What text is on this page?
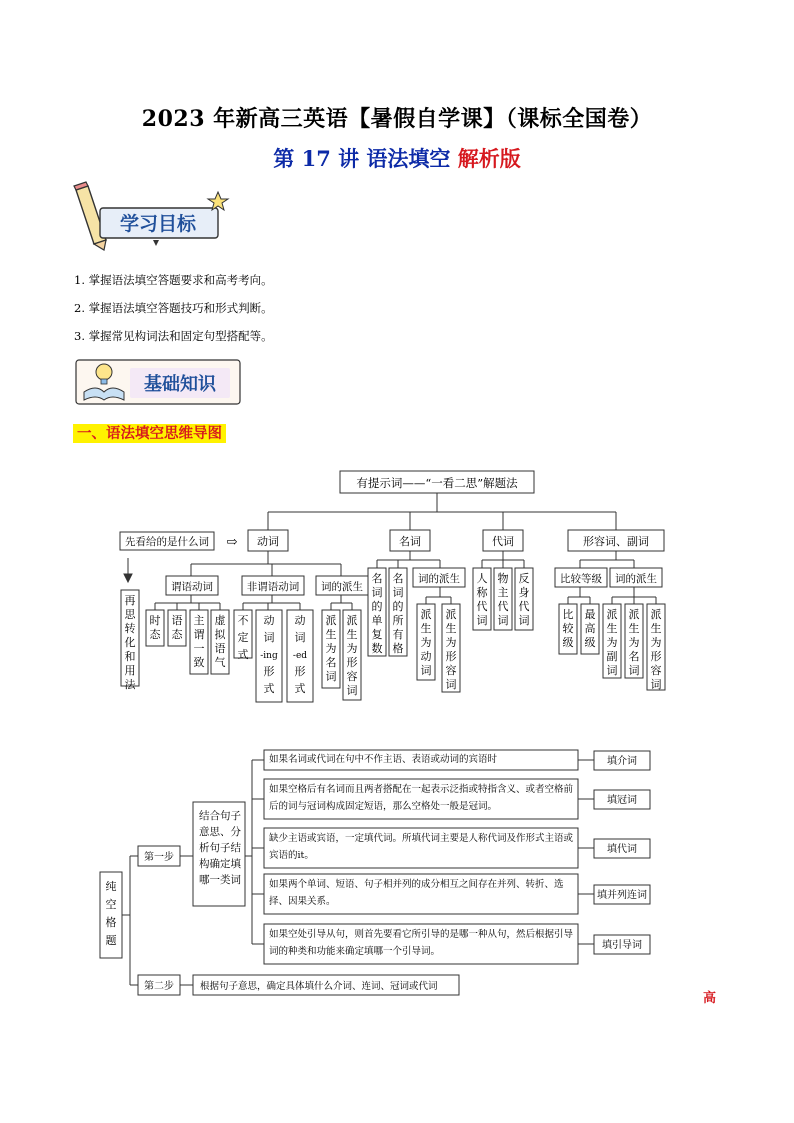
2023 年新高三英语【暑假自学课】（课标全国卷）
第 17 讲 语法填空 解析版
学习目标
1. 掌握语法填空答题要求和高考考向。
2. 掌握语法填空答题技巧和形式判断。
3. 掌握常见构词法和固定句型搭配等。
基础知识
一、语法填空思维导图
有提示词——“一看二思”解题法
先看给的是什么词 ⇨ 动词	名词	代词	形容词、副词
谓语动词	非谓语动词 词的派生
词的派生	比较等级 词的派生
再
思
转
化
和
用
法
时
态
语
态
主
谓
一
致
虚
拟
语
气
不
定
式
动
词
-ing
形
式
动
词
-ed
形
式
派
生
为
名
词
派
生
为
形
容
词
名
词
的
单
复
数
名
词
的
所
有
格
派
生
为
动
词
派
生
为
形
容
词
人
称
代
词
物
主
代
词
反
身
代
词	比
较
级
最
高
级
派
生
为
副
词
派
生
为
名
词
派
生
为
形
容
词
纯
空
格
题
第一步
第二步	根据句子意思，确定具体填什么介词、连词、冠词或代词
填介词
填冠词
填代词
填并列连词
填引导词
如果名词或代词在句中不作主语、表语或动词的宾语时
如果空格后有名词而且两者搭配在一起表示泛指或特指含义、或者空格前后的词与冠词构成固定短语，那么空格处一般是冠词。
缺少主语或宾语，一定填代词。所填代词主要是人称代词及作形式主语或宾语的it。
如果两个单词、短语、句子相并列的成分相互之间存在并列、转折、选择、因果关系。
如果空处引导从句，则首先要看它所引导的是哪一种从句，然后根据引导词的种类和功能来确定填哪一个引导词。
结合句子意思、分析句子结构确定填哪一类词
高
